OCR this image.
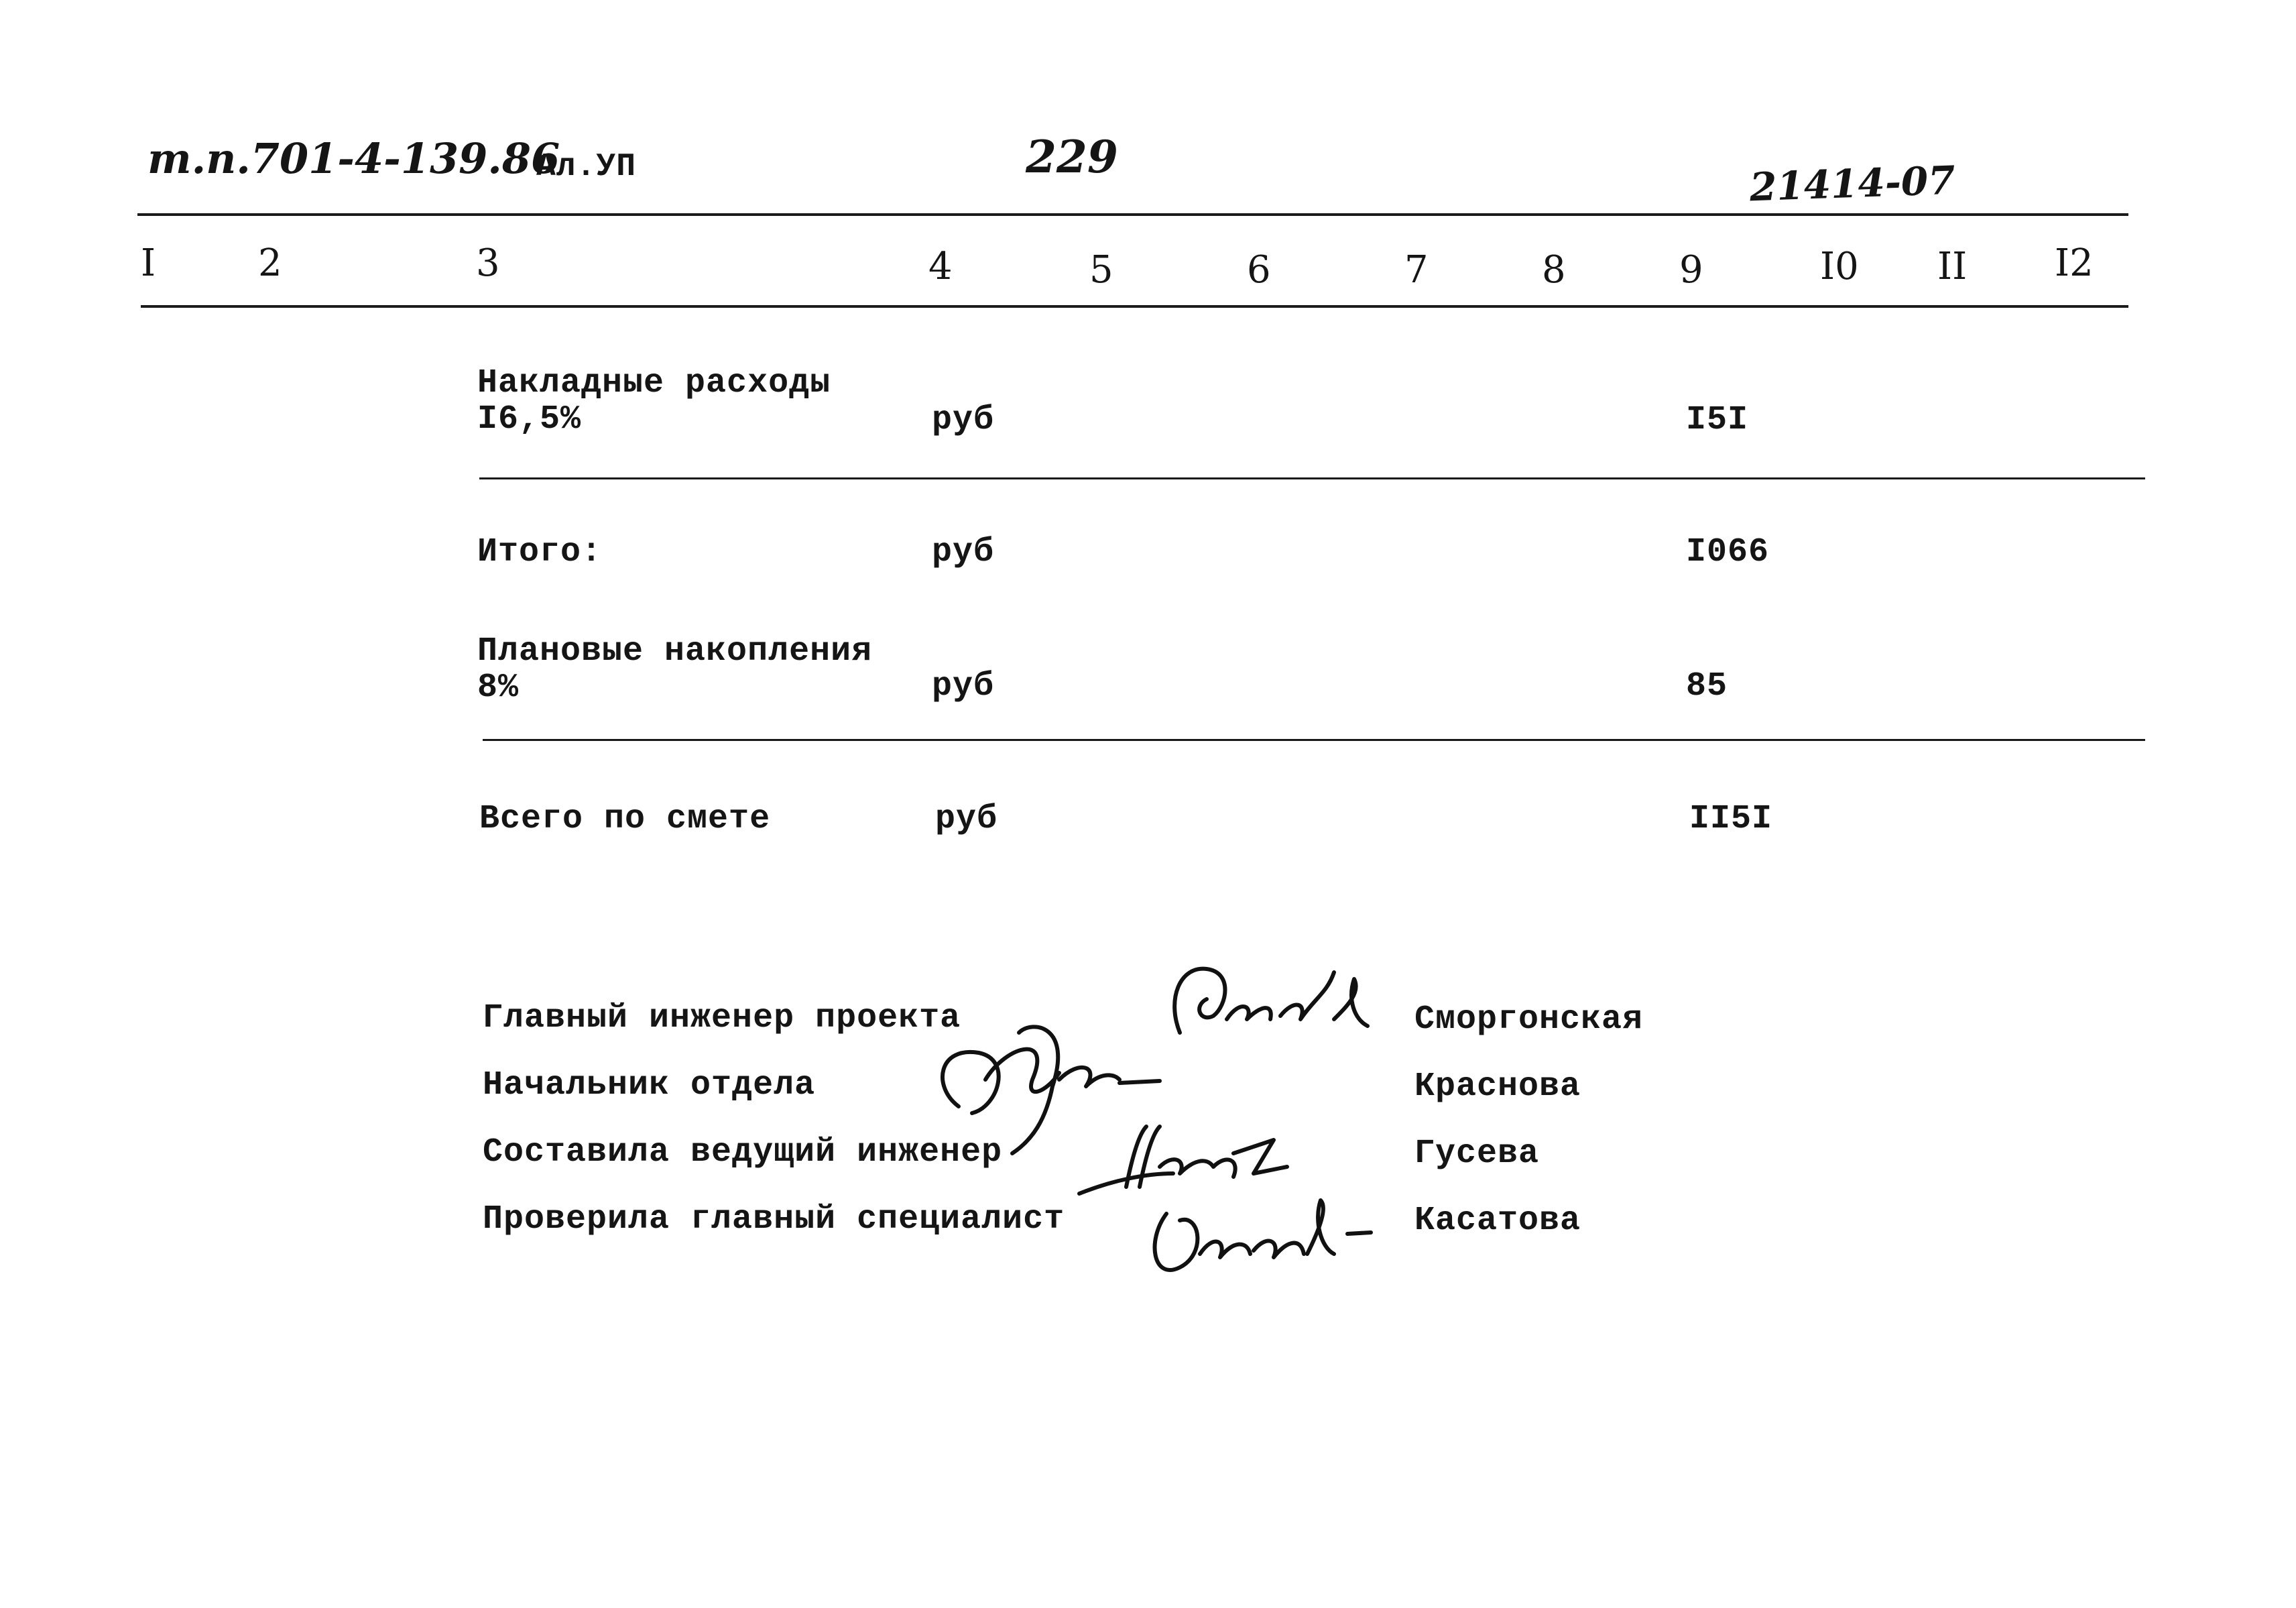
т.п.701-4-139.86
Ал.УП	229
21414-07
I	2	3	4	5	6	7	8	9	I0 II I2
Накладные расходы
I6,5%	руб	I5I
Итого:	руб	I066
Плановые накопления
8%	руб	85
Всего по смете	руб	II5I
Главный инженер проекта	Сморгонская
Начальник отдела	Краснова
Составила ведущий инженер	Гусева
Проверила главный специалист	Касатова
